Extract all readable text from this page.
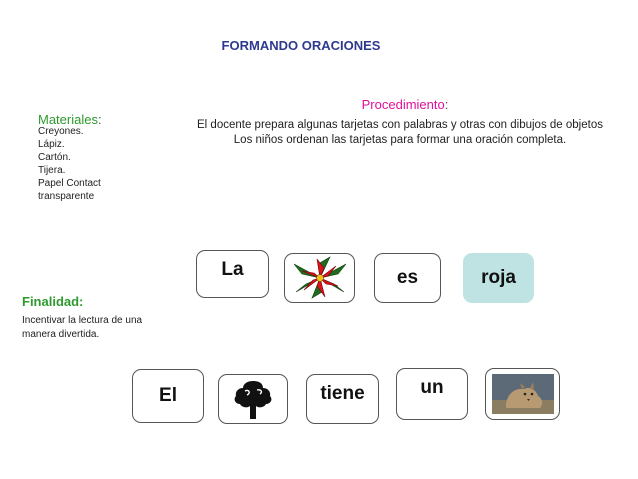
FORMANDO ORACIONES
Materiales:
Creyones.
Lápiz.
Cartón.
Tijera.
Papel Contact transparente
Procedimiento:
El docente prepara algunas tarjetas con palabras y otras con dibujos de objetos
Los niños ordenan las tarjetas para formar una oración completa.
Finalidad:
Incentivar la lectura de una manera divertida.
La	es	roja
El	tiene	un
